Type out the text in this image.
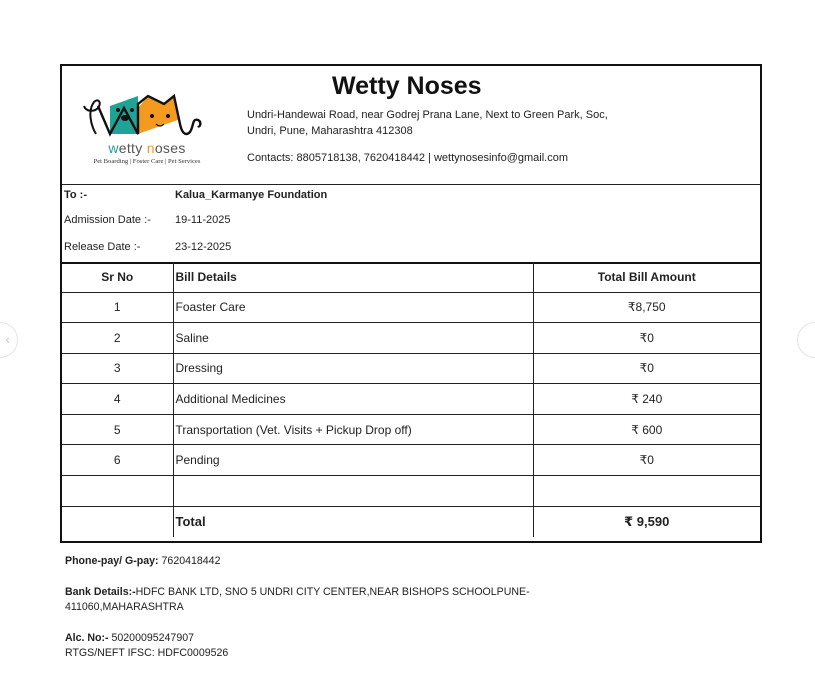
‹
wetty noses
Pet Boarding | Foster Care | Pet Services
Wetty Noses
Undri-Handewai Road, near Godrej Prana Lane, Next to Green Park, Soc,
Undri, Pune, Maharashtra 412308
Contacts: 8805718138, 7620418442 | wettynosesinfo@gmail.com
To :-	Kalua_Karmanye Foundation
Admission Date :- 19-11-2025
Release Date :-	23-12-2025
Sr No	Bill Details	Total Bill Amount
1	Foaster Care	₹8,750
2	Saline	₹0
3	Dressing	₹0
4	Additional Medicines	₹ 240
5	Transportation (Vet. Visits + Pickup Drop off)	₹ 600
6	Pending	₹0

	Total	₹ 9,590
Phone-pay/ G-pay: 7620418442
Bank Details:-HDFC BANK LTD, SNO 5 UNDRI CITY CENTER,NEAR BISHOPS SCHOOLPUNE-
411060,MAHARASHTRA
Alc. No:- 50200095247907
RTGS/NEFT IFSC: HDFC0009526
